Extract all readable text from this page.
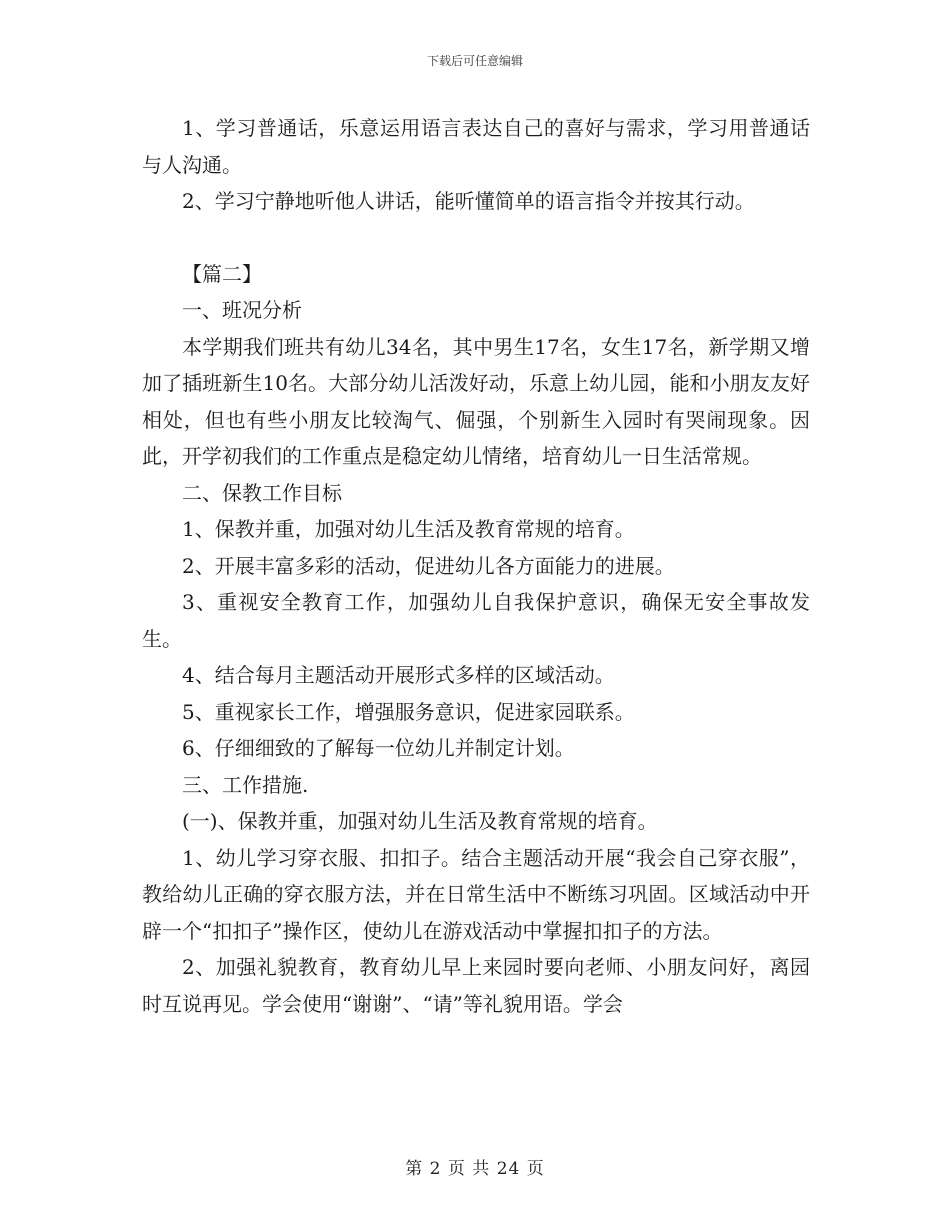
下载后可任意编辑

1、学习普通话，乐意运用语言表达自己的喜好与需求，学习用普通话与人沟通。

2、学习宁静地听他人讲话，能听懂简单的语言指令并按其行动。

【篇二】

一、班况分析

本学期我们班共有幼儿34名，其中男生17名，女生17名，新学期又增加了插班新生10名。大部分幼儿活泼好动，乐意上幼儿园，能和小朋友友好相处，但也有些小朋友比较淘气、倔强，个别新生入园时有哭闹现象。因此，开学初我们的工作重点是稳定幼儿情绪，培育幼儿一日生活常规。

二、保教工作目标

1、保教并重，加强对幼儿生活及教育常规的培育。

2、开展丰富多彩的活动，促进幼儿各方面能力的进展。

3、重视安全教育工作，加强幼儿自我保护意识，确保无安全事故发生。

4、结合每月主题活动开展形式多样的区域活动。

5、重视家长工作，增强服务意识，促进家园联系。

6、仔细细致的了解每一位幼儿并制定计划。

三、工作措施.

(一)、保教并重，加强对幼儿生活及教育常规的培育。

1、幼儿学习穿衣服、扣扣子。结合主题活动开展“我会自己穿衣服”，教给幼儿正确的穿衣服方法，并在日常生活中不断练习巩固。区域活动中开辟一个“扣扣子”操作区，使幼儿在游戏活动中掌握扣扣子的方法。

2、加强礼貌教育，教育幼儿早上来园时要向老师、小朋友问好，离园时互说再见。学会使用“谢谢”、“请”等礼貌用语。学会

第 2 页 共 24 页
